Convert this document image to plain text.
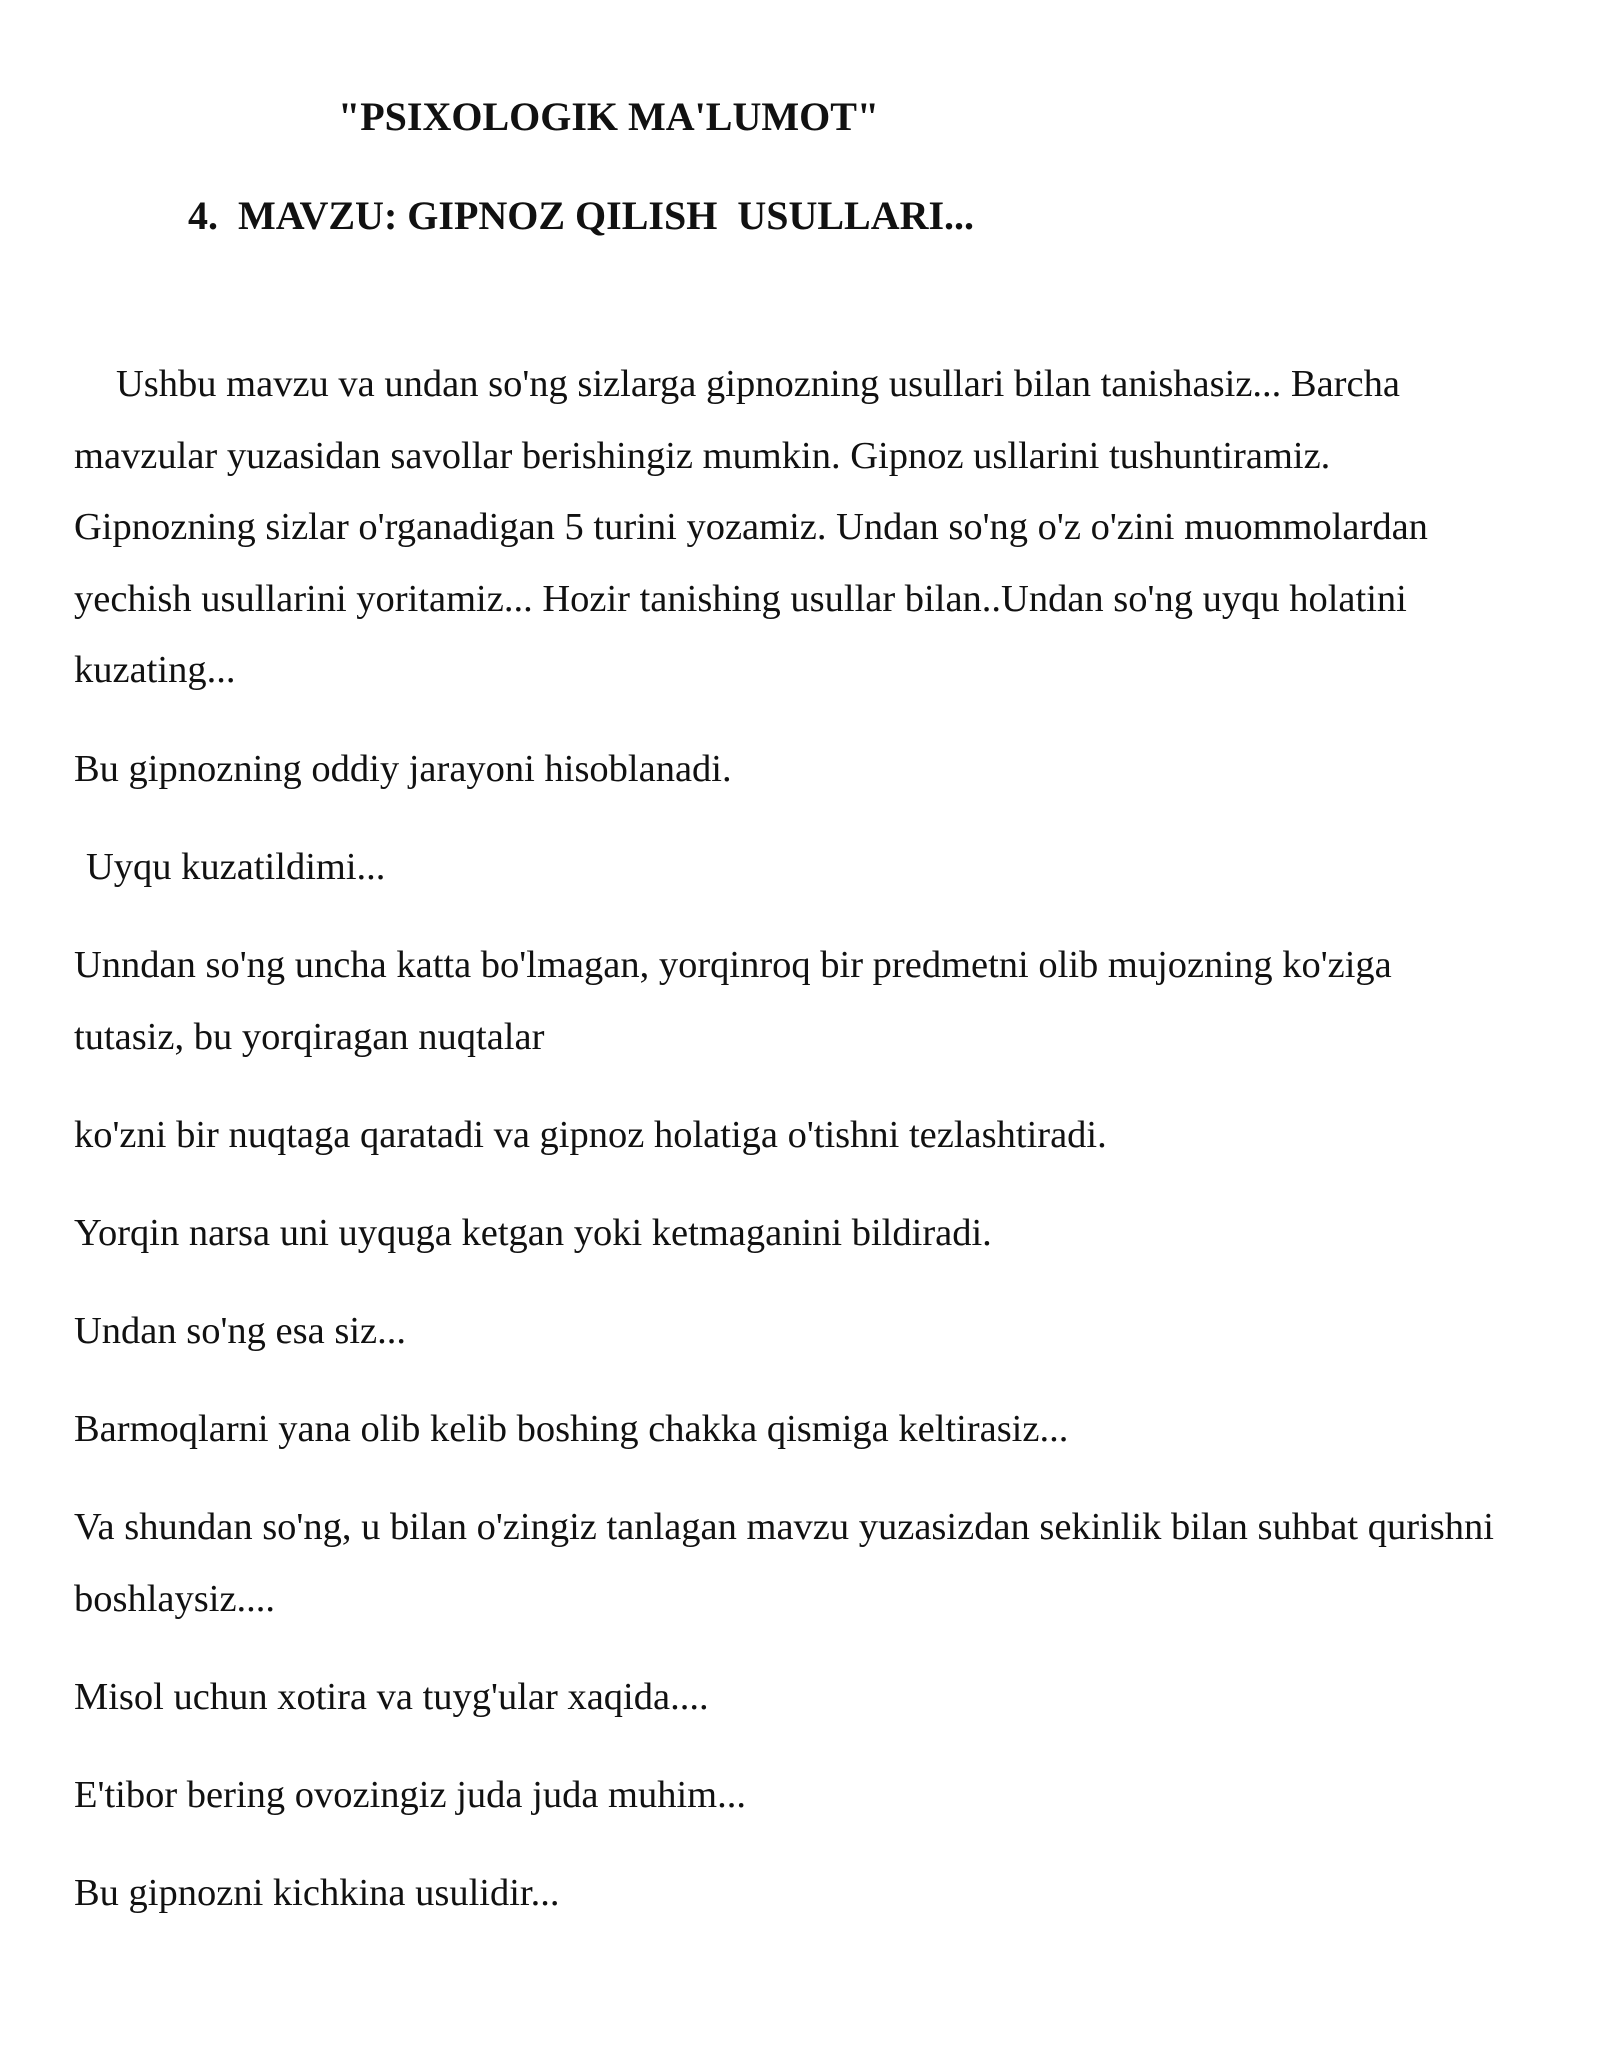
"PSIXOLOGIK MA'LUMOT"
4.  MAVZU: GIPNOZ QILISH  USULLARI...

Ushbu mavzu va undan so'ng sizlarga gipnozning usullari bilan tanishasiz... Barcha mavzular yuzasidan savollar berishingiz mumkin. Gipnoz usllarini tushuntiramiz. Gipnozning sizlar o'rganadigan 5 turini yozamiz. Undan so'ng o'z o'zini muommolardan yechish usullarini yoritamiz... Hozir tanishing usullar bilan..Undan so'ng uyqu holatini kuzating...

Bu gipnozning oddiy jarayoni hisoblanadi.

Uyqu kuzatildimi...

Unndan so'ng uncha katta bo'lmagan, yorqinroq bir predmetni olib mujozning ko'ziga tutasiz, bu yorqiragan nuqtalar

ko'zni bir nuqtaga qaratadi va gipnoz holatiga o'tishni tezlashtiradi.

Yorqin narsa uni uyquga ketgan yoki ketmaganini bildiradi.

Undan so'ng esa siz...

Barmoqlarni yana olib kelib boshing chakka qismiga keltirasiz...

Va shundan so'ng, u bilan o'zingiz tanlagan mavzu yuzasizdan sekinlik bilan suhbat qurishni boshlaysiz....

Misol uchun xotira va tuyg'ular xaqida....

E'tibor bering ovozingiz juda juda muhim...

Bu gipnozni kichkina usulidir...
